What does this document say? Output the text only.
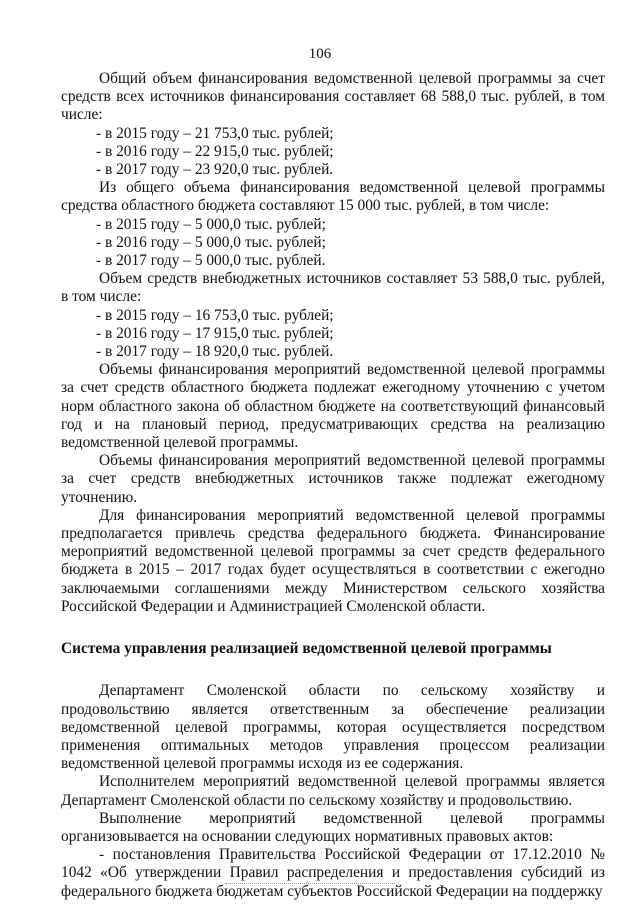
106

Общий объем финансирования ведомственной целевой программы за счет средств всех источников финансирования составляет 68 588,0 тыс. рублей, в том числе:

- в 2015 году – 21 753,0 тыс. рублей;

- в 2016 году – 22 915,0 тыс. рублей;

- в 2017 году – 23 920,0 тыс. рублей.

Из общего объема финансирования ведомственной целевой программы средства областного бюджета составляют 15 000 тыс. рублей, в том числе:

- в 2015 году – 5 000,0 тыс. рублей;

- в 2016 году – 5 000,0 тыс. рублей;

- в 2017 году – 5 000,0 тыс. рублей.

Объем средств внебюджетных источников составляет 53 588,0 тыс. рублей, в том числе:

- в 2015 году – 16 753,0 тыс. рублей;

- в 2016 году – 17 915,0 тыс. рублей;

- в 2017 году – 18 920,0 тыс. рублей.

Объемы финансирования мероприятий ведомственной целевой программы за счет средств областного бюджета подлежат ежегодному уточнению с учетом норм областного закона об областном бюджете на соответствующий финансовый год и на плановый период, предусматривающих средства на реализацию ведомственной целевой программы.

Объемы финансирования мероприятий ведомственной целевой программы за счет средств внебюджетных источников также подлежат ежегодному уточнению.

Для финансирования мероприятий ведомственной целевой программы предполагается привлечь средства федерального бюджета. Финансирование мероприятий ведомственной целевой программы за счет средств федерального бюджета в 2015 – 2017 годах будет осуществляться в соответствии с ежегодно заключаемыми соглашениями между Министерством сельского хозяйства Российской Федерации и Администрацией Смоленской области.

Система управления реализацией ведомственной целевой программы

Департамент Смоленской области по сельскому хозяйству и продовольствию является ответственным за обеспечение реализации ведомственной целевой программы, которая осуществляется посредством применения оптимальных методов управления процессом реализации ведомственной целевой программы исходя из ее содержания.

Исполнителем мероприятий ведомственной целевой программы является Департамент Смоленской области по сельскому хозяйству и продовольствию.

Выполнение мероприятий ведомственной целевой программы организовывается на основании следующих нормативных правовых актов:

- постановления Правительства Российской Федерации от 17.12.2010 № 1042 «Об утверждении Правил распределения и предоставления субсидий из федерального бюджета бюджетам субъектов Российской Федерации на поддержку
